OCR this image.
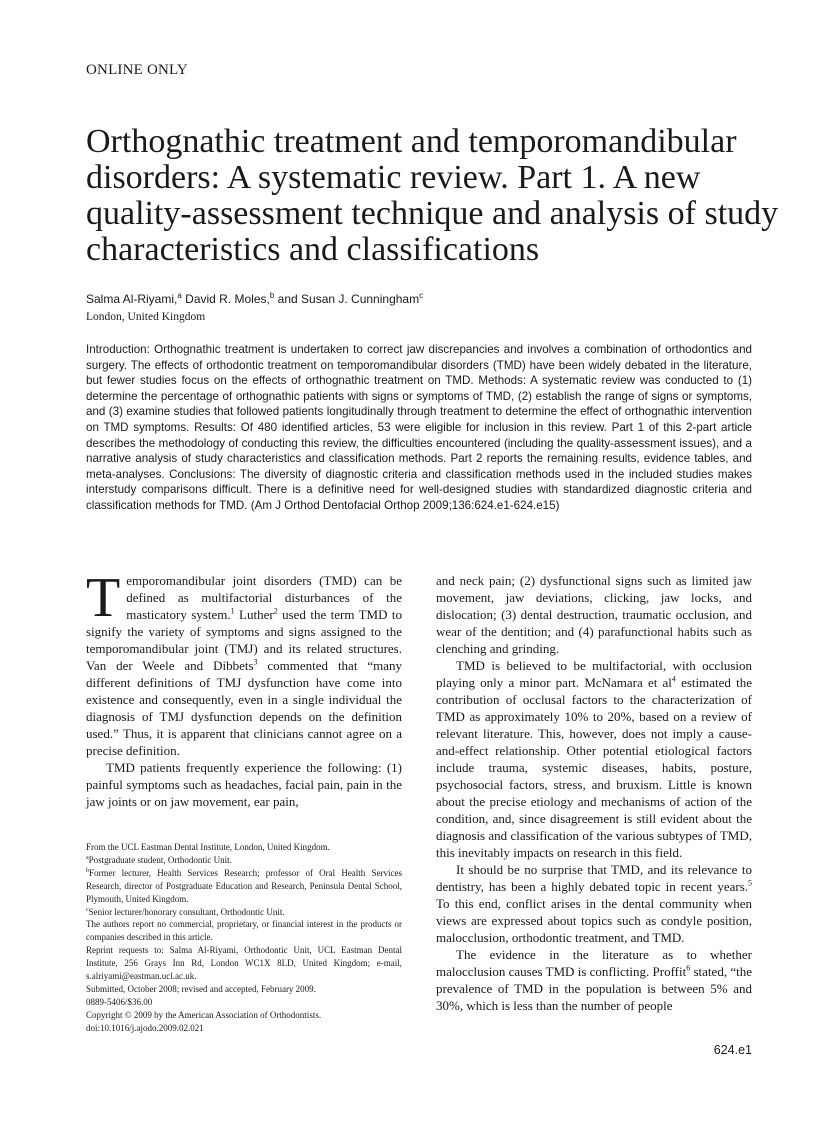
ONLINE ONLY
Orthognathic treatment and temporomandibular disorders: A systematic review. Part 1. A new quality-assessment technique and analysis of study characteristics and classifications
Salma Al-Riyami,$^a$ David R. Moles,$^b$ and Susan J. Cunningham$^c$
London, United Kingdom

Introduction: Orthognathic treatment is undertaken to correct jaw discrepancies and involves a combination of orthodontics and surgery. The effects of orthodontic treatment on temporomandibular disorders (TMD) have been widely debated in the literature, but fewer studies focus on the effects of orthognathic treatment on TMD. Methods: A systematic review was conducted to (1) determine the percentage of orthognathic patients with signs or symptoms of TMD, (2) establish the range of signs or symptoms, and (3) examine studies that followed patients longitudinally through treatment to determine the effect of orthognathic intervention on TMD symptoms. Results: Of 480 identified articles, 53 were eligible for inclusion in this review. Part 1 of this 2-part article describes the methodology of conducting this review, the difficulties encountered (including the quality-assessment issues), and a narrative analysis of study characteristics and classification methods. Part 2 reports the remaining results, evidence tables, and meta-analyses. Conclusions: The diversity of diagnostic criteria and classification methods used in the included studies makes interstudy comparisons difficult. There is a definitive need for well-designed studies with standardized diagnostic criteria and classification methods for TMD. (Am J Orthod Dentofacial Orthop 2009;136:624.e1-624.e15)

Temporomandibular joint disorders (TMD) can be defined as multifactorial disturbances of the masticatory system.$^1$ Luther$^2$ used the term TMD to signify the variety of symptoms and signs assigned to the temporomandibular joint (TMJ) and its related structures. Van der Weele and Dibbets$^3$ commented that “many different definitions of TMJ dysfunction have come into existence and consequently, even in a single individual the diagnosis of TMJ dysfunction depends on the definition used.” Thus, it is apparent that clinicians cannot agree on a precise definition.

TMD patients frequently experience the following: (1) painful symptoms such as headaches, facial pain, pain in the jaw joints or on jaw movement, ear pain,

and neck pain; (2) dysfunctional signs such as limited jaw movement, jaw deviations, clicking, jaw locks, and dislocation; (3) dental destruction, traumatic occlusion, and wear of the dentition; and (4) parafunctional habits such as clenching and grinding.

TMD is believed to be multifactorial, with occlusion playing only a minor part. McNamara et $al^4$ estimated the contribution of occlusal factors to the characterization of TMD as approximately 10% to 20%, based on a review of relevant literature. This, however, does not imply a cause-and-effect relationship. Other potential etiological factors include trauma, systemic diseases, habits, posture, psychosocial factors, stress, and bruxism. Little is known about the precise etiology and mechanisms of action of the condition, and, since disagreement is still evident about the diagnosis and classification of the various subtypes of TMD, this inevitably impacts on research in this field.

It should be no surprise that TMD, and its relevance to dentistry, has been a highly debated topic in recent years.$^5$ To this end, conflict arises in the dental community when views are expressed about topics such as condyle position, malocclusion, orthodontic treatment, and TMD.

The evidence in the literature as to whether malocclusion causes TMD is conflicting. Proffit$^6$ stated, “the prevalence of TMD in the population is between 5% and 30%, which is less than the number of people

From the UCL Eastman Dental Institute, London, United Kingdom.

$^a$Postgraduate student, Orthodontic Unit.

$^b$Former lecturer, Health Services Research; professor of Oral Health Services Research, director of Postgraduate Education and Research, Peninsula Dental School, Plymouth, United Kingdom.

$^c$Senior lecturer/honorary consultant, Orthodontic Unit.

The authors report no commercial, proprietary, or financial interest in the products or companies described in this article.

Reprint requests to: Salma Al-Riyami, Orthodontic Unit, UCL Eastman Dental Institute, 256 Grays Inn Rd, London WC1X 8LD, United Kingdom; e-mail, s.alriyami@eastman.ucl.ac.uk.

Submitted, October 2008; revised and accepted, February 2009.

0889-5406/$36.00

Copyright © 2009 by the American Association of Orthodontists.

doi:10.1016/j.ajodo.2009.02.021

624.e1
